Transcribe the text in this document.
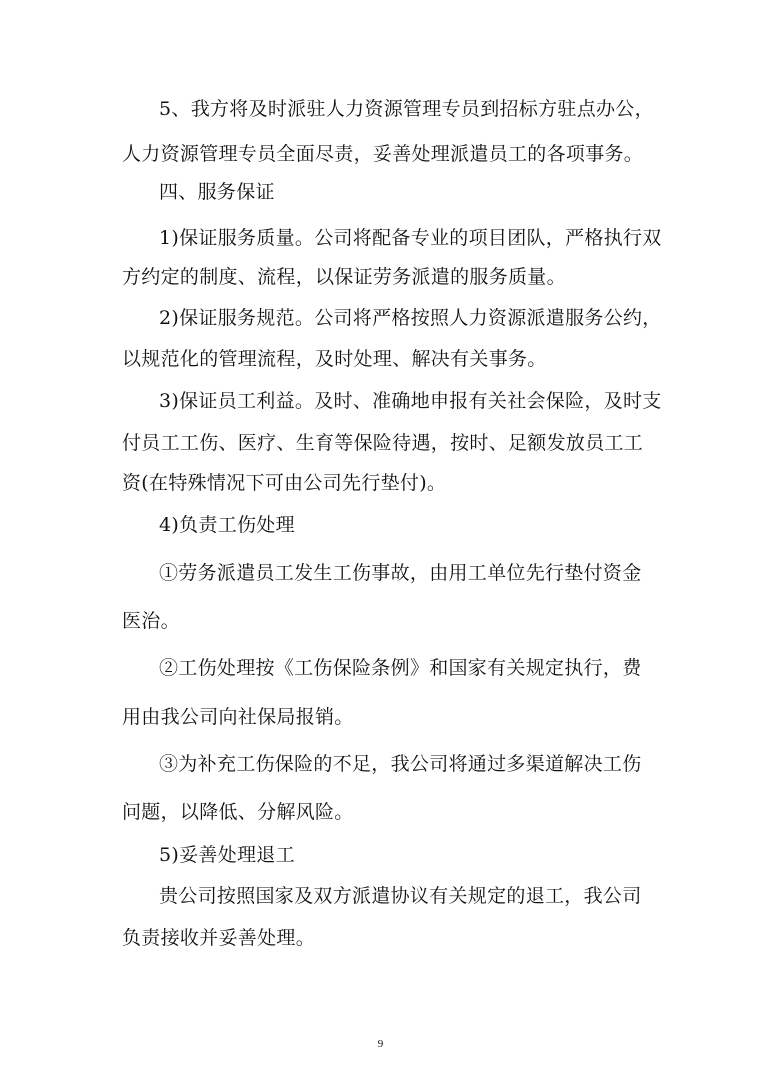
5、我方将及时派驻人力资源管理专员到招标方驻点办公，
人力资源管理专员全面尽责，妥善处理派遣员工的各项事务。
四、服务保证
1)保证服务质量。公司将配备专业的项目团队，严格执行双
方约定的制度、流程，以保证劳务派遣的服务质量。
2)保证服务规范。公司将严格按照人力资源派遣服务公约，
以规范化的管理流程，及时处理、解决有关事务。
3)保证员工利益。及时、准确地申报有关社会保险，及时支
付员工工伤、医疗、生育等保险待遇，按时、足额发放员工工
资(在特殊情况下可由公司先行垫付)。
4)负责工伤处理
①劳务派遣员工发生工伤事故，由用工单位先行垫付资金
医治。
②工伤处理按《工伤保险条例》和国家有关规定执行，费
用由我公司向社保局报销。
③为补充工伤保险的不足，我公司将通过多渠道解决工伤
问题，以降低、分解风险。
5)妥善处理退工
贵公司按照国家及双方派遣协议有关规定的退工，我公司
负责接收并妥善处理。
9
